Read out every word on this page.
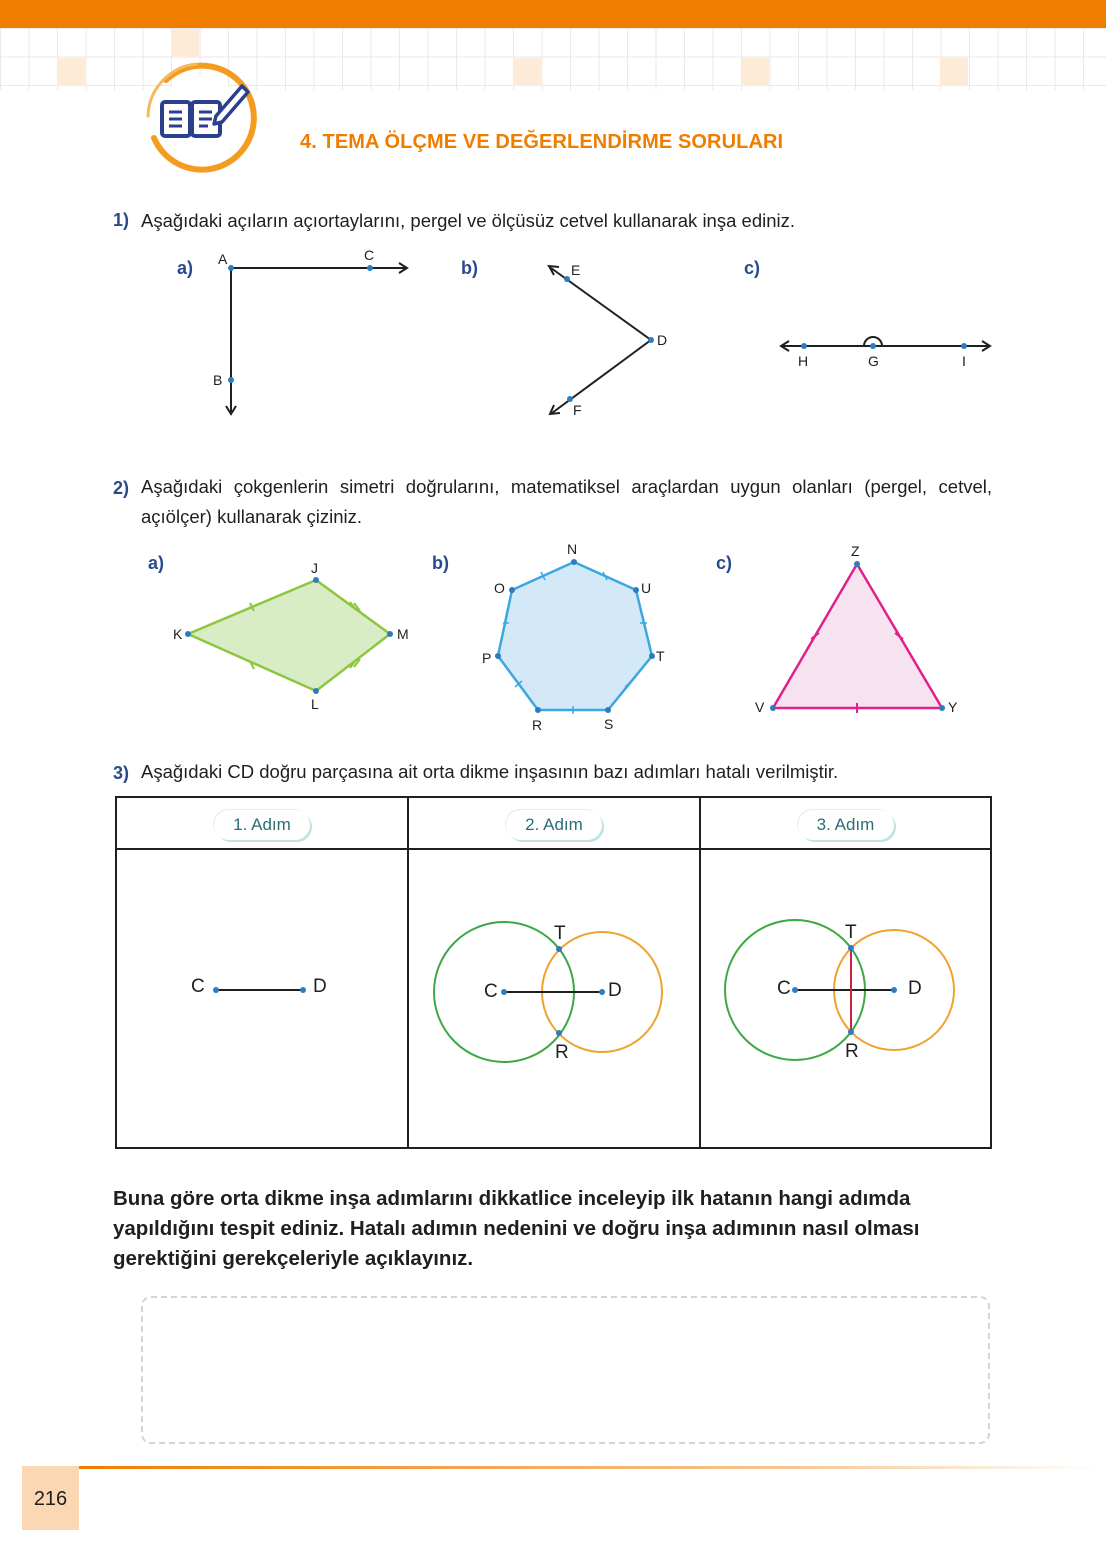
4. TEMA ÖLÇME VE DEĞERLENDİRME SORULARI
1) Aşağıdaki açıların açıortaylarını, pergel ve ölçüsüz cetvel kullanarak inşa ediniz.
a) A	C
B
b)	E
D
F
c)
H	G	I
2) Aşağıdaki çokgenlerin simetri doğrularını, matematiksel araçlardan uygun olanları (pergel, cetvel, açıölçer) kullanarak çiziniz.
a)	J
K
L
M
b)
N
O	U
P	T
R	S
c)
Z
V	Y
3) Aşağıdaki CD doğru parçasına ait orta dikme inşasının bazı adımları hatalı verilmiştir.
1. Adım
C	D
2. Adım
T
C	D
R
3. Adım
T
C	D
R
Buna göre orta dikme inşa adımlarını dikkatlice inceleyip ilk hatanın hangi adımda yapıldığını tespit ediniz. Hatalı adımın nedenini ve doğru inşa adımının nasıl olması gerektiğini gerekçeleriyle açıklayınız.
216
